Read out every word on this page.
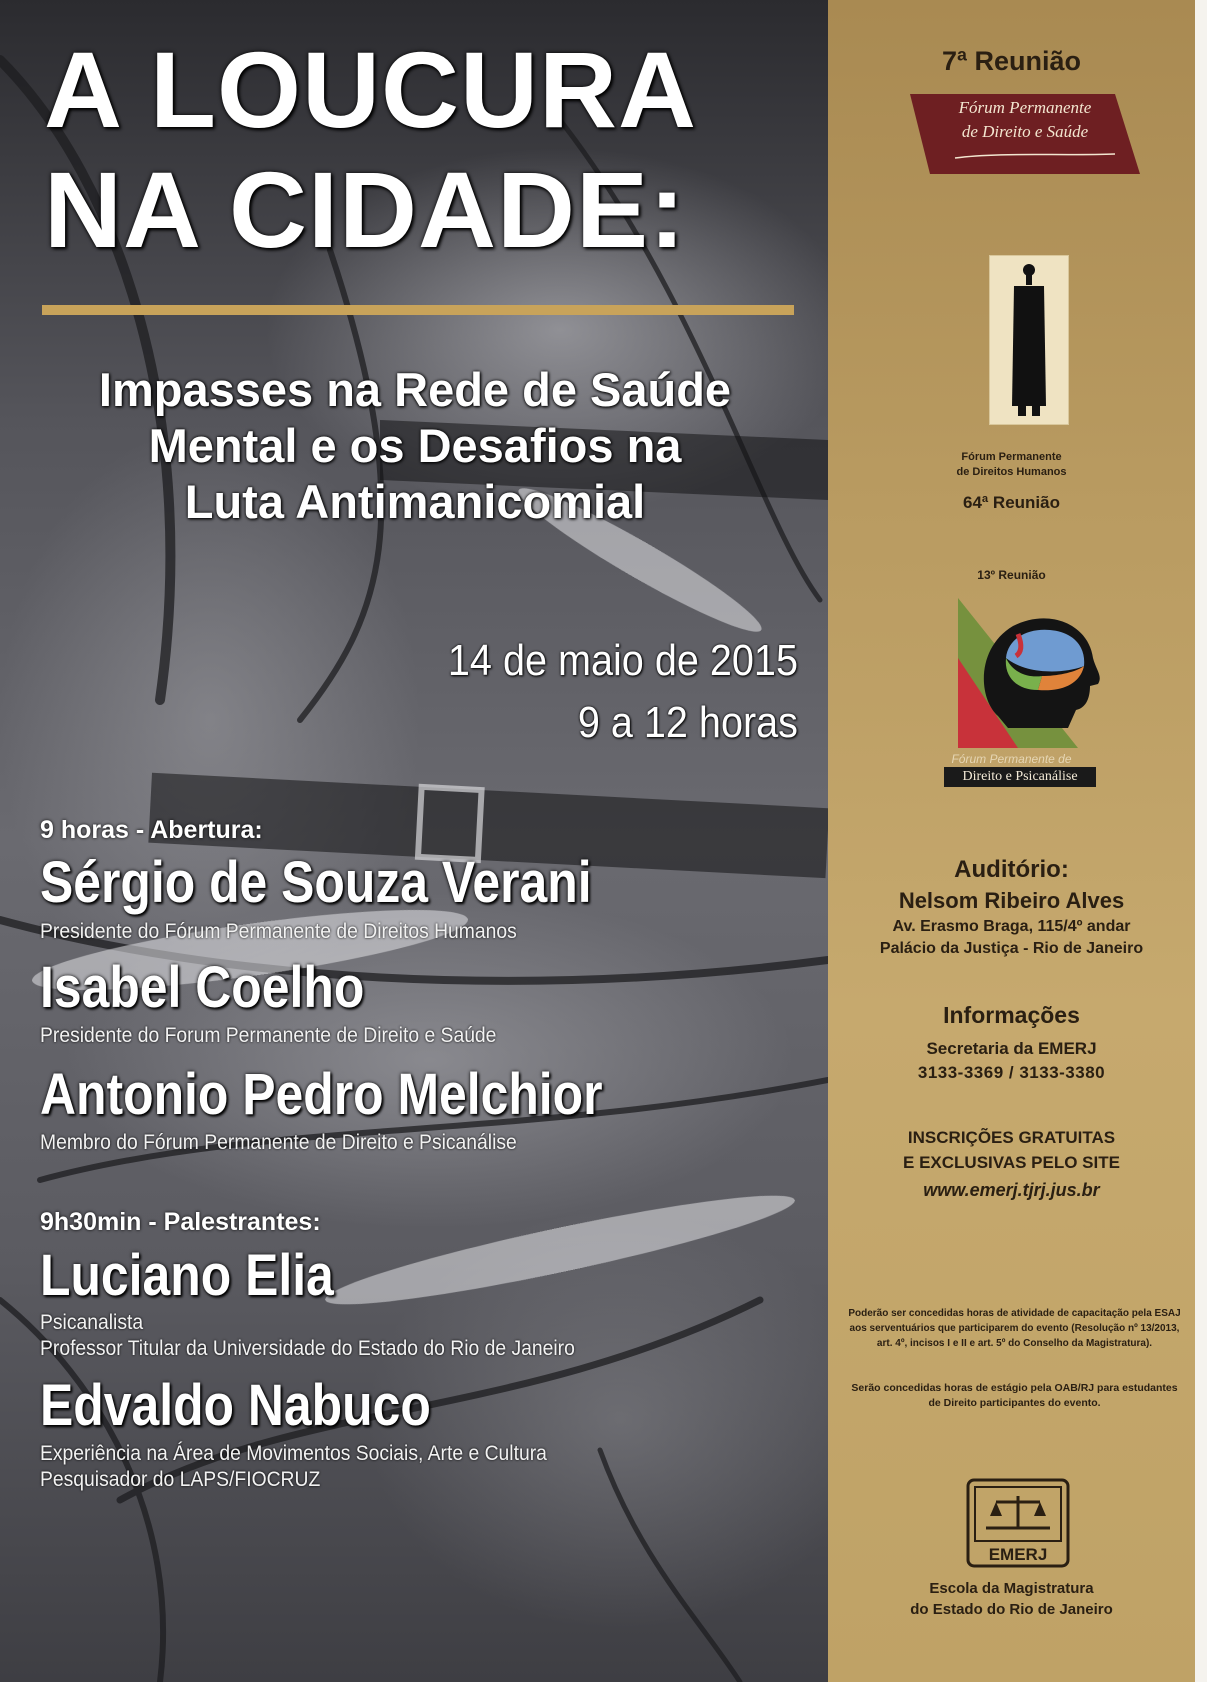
A LOUCURA
NA CIDADE:
Impasses na Rede de Saúde
Mental e os Desafios na
Luta Antimanicomial
14 de maio de 2015
9 a 12 horas
9 horas - Abertura:
Sérgio de Souza Verani
Presidente do Fórum Permanente de Direitos Humanos
Isabel Coelho
Presidente do Forum Permanente de Direito e Saúde
Antonio Pedro Melchior
Membro do Fórum Permanente de Direito e Psicanálise
9h30min - Palestrantes:
Luciano Elia
Psicanalista
Professor Titular da Universidade do Estado do Rio de Janeiro
Edvaldo Nabuco
Experiência na Área de Movimentos Sociais, Arte e Cultura
Pesquisador do LAPS/FIOCRUZ
7ª Reunião
Fórum Permanente
de Direito e Saúde
Fórum Permanente
de Direitos Humanos
64ª Reunião
13º Reunião
Fórum Permanente de
Direito e Psicanálise
Auditório:
Nelsom Ribeiro Alves
Av. Erasmo Braga, 115/4º andar
Palácio da Justiça - Rio de Janeiro
Informações
Secretaria da EMERJ
3133-3369 / 3133-3380
INSCRIÇÕES GRATUITAS
E EXCLUSIVAS PELO SITE
www.emerj.tjrj.jus.br
Poderão ser concedidas horas de atividade de capacitação pela ESAJ aos serventuários que participarem do evento (Resolução nº 13/2013, art. 4º, incisos I e II e art. 5º do Conselho da Magistratura).
Serão concedidas horas de estágio pela OAB/RJ para estudantes de Direito participantes do evento.
EMERJ
Escola da Magistratura
do Estado do Rio de Janeiro
